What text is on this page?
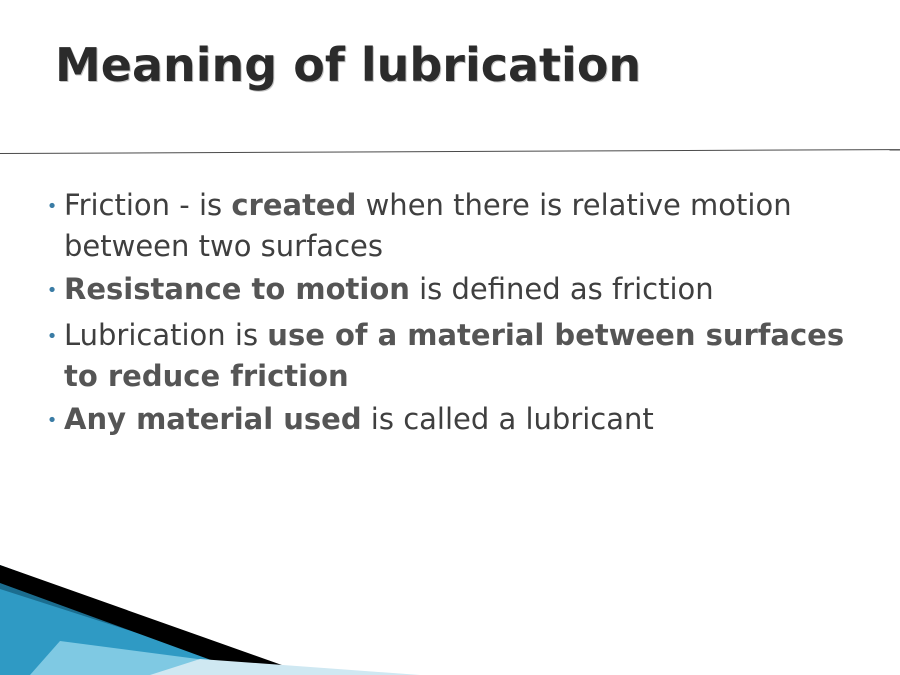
Meaning of lubrication
• Friction - is created when there is relative motion between two surfaces
• Resistance to motion is defined as friction
• Lubrication is use of a material between surfaces to reduce friction
• Any material used is called a lubricant
